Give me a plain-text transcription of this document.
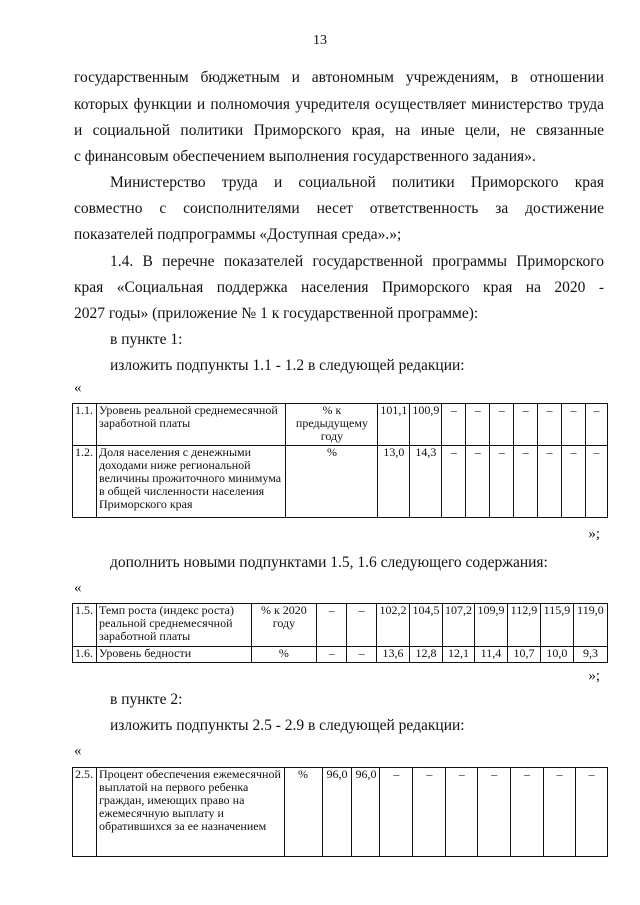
13
государственным бюджетным и автономным учреждениям, в отношении
которых функции и полномочия учредителя осуществляет министерство труда
и социальной политики Приморского края, на иные цели, не связанные
с финансовым обеспечением выполнения государственного задания».
Министерство труда и социальной политики Приморского края
совместно с соисполнителями несет ответственность за достижение
показателей подпрограммы «Доступная среда».»;
1.4. В перечне показателей государственной программы Приморского
края «Социальная поддержка населения Приморского края на 2020 -
2027 годы» (приложение № 1 к государственной программе):
в пункте 1:
изложить подпункты 1.1 - 1.2 в следующей редакции:
«
1.1.	Уровень реальной среднемесячной заработной платы	% к предыдущему году	101,1	100,9	–	–	–	–	–	–	–
1.2.	Доля населения с денежными доходами ниже региональной величины прожиточного минимума в общей численности населения Приморского края	%	13,0	14,3	–	–	–	–	–	–	–
»;
дополнить новыми подпунктами 1.5, 1.6 следующего содержания:
«
1.5.	Темп роста (индекс роста) реальной среднемесячной заработной платы	% к 2020 году	–	–	102,2	104,5	107,2	109,9	112,9	115,9	119,0
1.6.	Уровень бедности	%	–	–	13,6	12,8	12,1	11,4	10,7	10,0	9,3
»;
в пункте 2:
изложить подпункты 2.5 - 2.9 в следующей редакции:
«
2.5.	Процент обеспечения ежемесячной выплатой на первого ребенка граждан, имеющих право на ежемесячную выплату и обратившихся за ее назначением	%	96,0	96,0	–	–	–	–	–	–	–
